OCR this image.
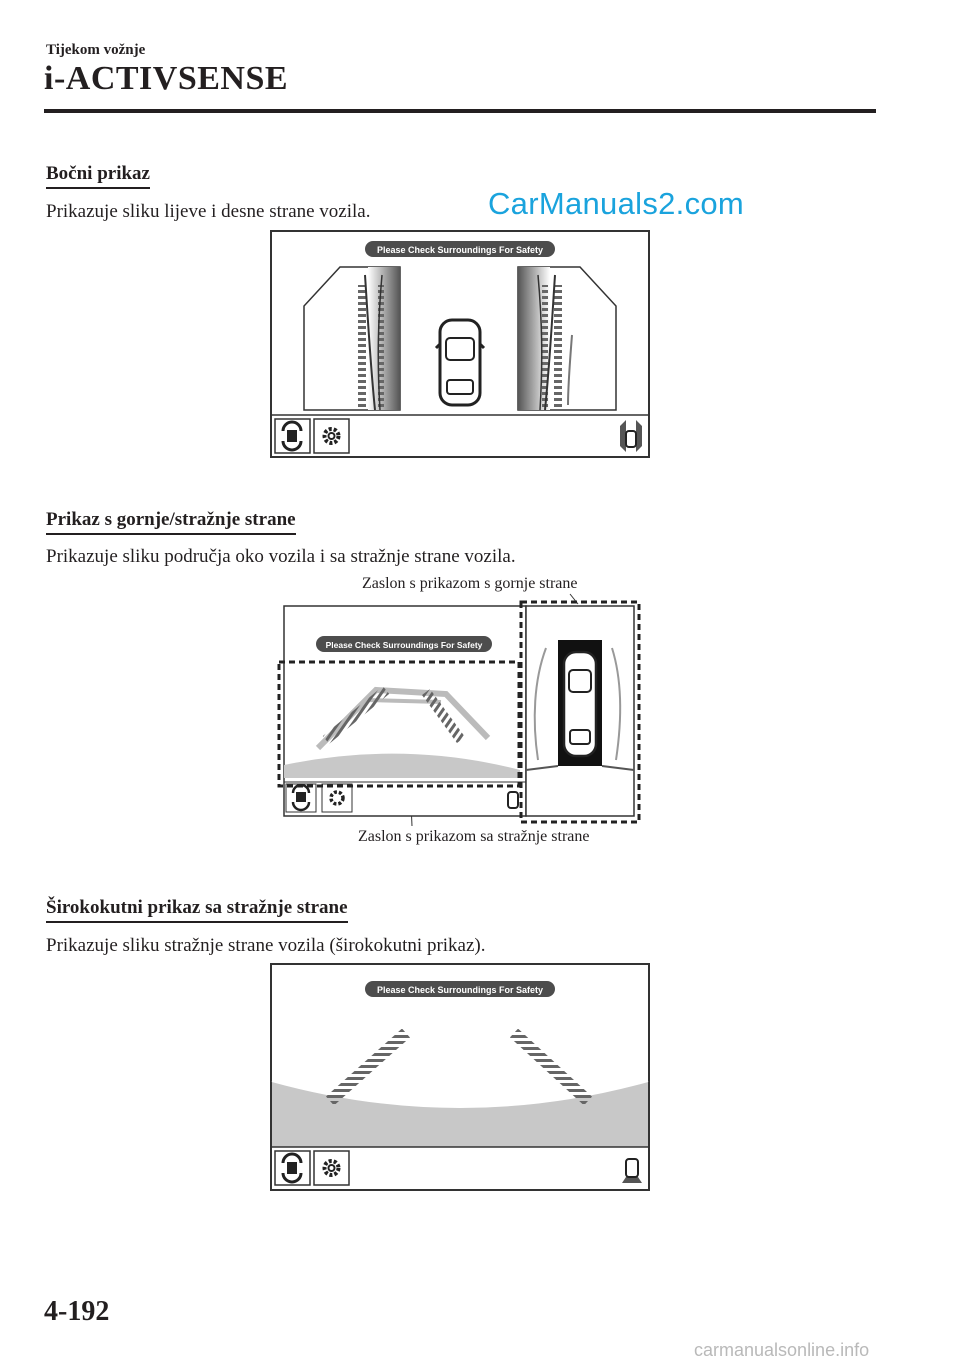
Tijekom vožnje
i-ACTIVSENSE
Bočni prikaz
Prikazuje sliku lijeve i desne strane vozila.	CarManuals2.com
Please Check Surroundings For Safety
Prikaz s gornje/stražnje strane
Prikazuje sliku područja oko vozila i sa stražnje strane vozila.
Zaslon s prikazom s gornje strane
Zaslon s prikazom sa stražnje strane
Please Check Surroundings For Safety
Širokokutni prikaz sa stražnje strane
Prikazuje sliku stražnje strane vozila (širokokutni prikaz).
Please Check Surroundings For Safety
4-192
carmanualsonline.info
